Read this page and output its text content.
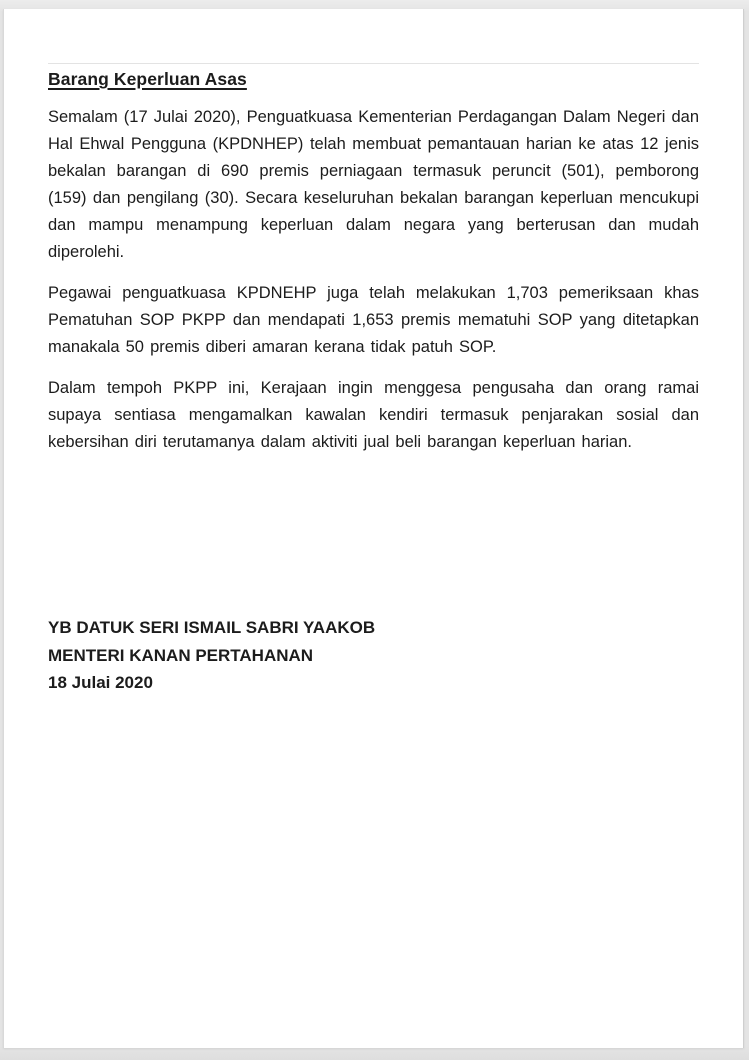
Barang Keperluan Asas

Semalam (17 Julai 2020), Penguatkuasa Kementerian Perdagangan Dalam Negeri dan Hal Ehwal Pengguna (KPDNHEP) telah membuat pemantauan harian ke atas 12 jenis bekalan barangan di 690 premis perniagaan termasuk peruncit (501), pemborong (159) dan pengilang (30). Secara keseluruhan bekalan barangan keperluan mencukupi dan mampu menampung keperluan dalam negara yang berterusan dan mudah diperolehi.

Pegawai penguatkuasa KPDNEHP juga telah melakukan 1,703 pemeriksaan khas Pematuhan SOP PKPP dan mendapati 1,653 premis mematuhi SOP yang ditetapkan manakala 50 premis diberi amaran kerana tidak patuh SOP.

Dalam tempoh PKPP ini, Kerajaan ingin menggesa pengusaha dan orang ramai supaya sentiasa mengamalkan kawalan kendiri termasuk penjarakan sosial dan kebersihan diri terutamanya dalam aktiviti jual beli barangan keperluan harian.

YB DATUK SERI ISMAIL SABRI YAAKOB
MENTERI KANAN PERTAHANAN
18 Julai 2020
